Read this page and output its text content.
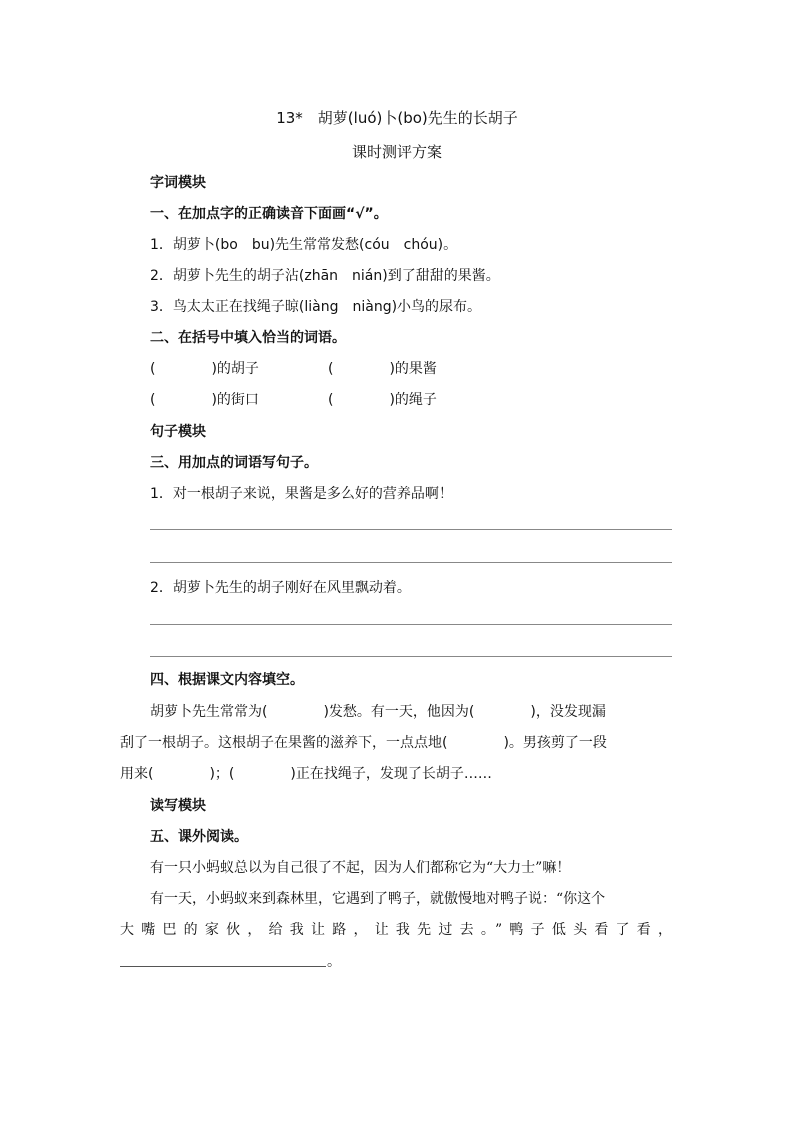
13*　胡萝(luó)卜(bo)先生的长胡子
课时测评方案
字词模块
一、在加点字的正确读音下面画“√”。
1．胡萝卜(bo　bu)先生常常发愁(cóu　chóu)。
2．胡萝卜先生的胡子沾(zhān　nián)到了甜甜的果酱。
3．鸟太太正在找绳子晾(liàng　niàng)小鸟的尿布。
二、在括号中填入恰当的词语。
(　　　　)的胡子	(　　　　)的果酱
(　　　　)的街口	(　　　　)的绳子
句子模块
三、用加点的词语写句子。
1．对一根胡子来说，果酱是多么好的营养品啊！
2．胡萝卜先生的胡子刚好在风里飘动着。
四、根据课文内容填空。
胡萝卜先生常常为(　　　　)发愁。有一天，他因为(　　　　)，没发现漏
刮了一根胡子。这根胡子在果酱的滋养下，一点点地(　　　　)。男孩剪了一段
用来(　　　　)；(　　　　)正在找绳子，发现了长胡子……
读写模块
五、课外阅读。
有一只小蚂蚁总以为自己很了不起，因为人们都称它为“大力士”嘛！
有一天，小蚂蚁来到森林里，它遇到了鸭子，就傲慢地对鸭子说：“你这个
大嘴巴的家伙，给我让路，让我先过去。”鸭子低头看了看，
。
